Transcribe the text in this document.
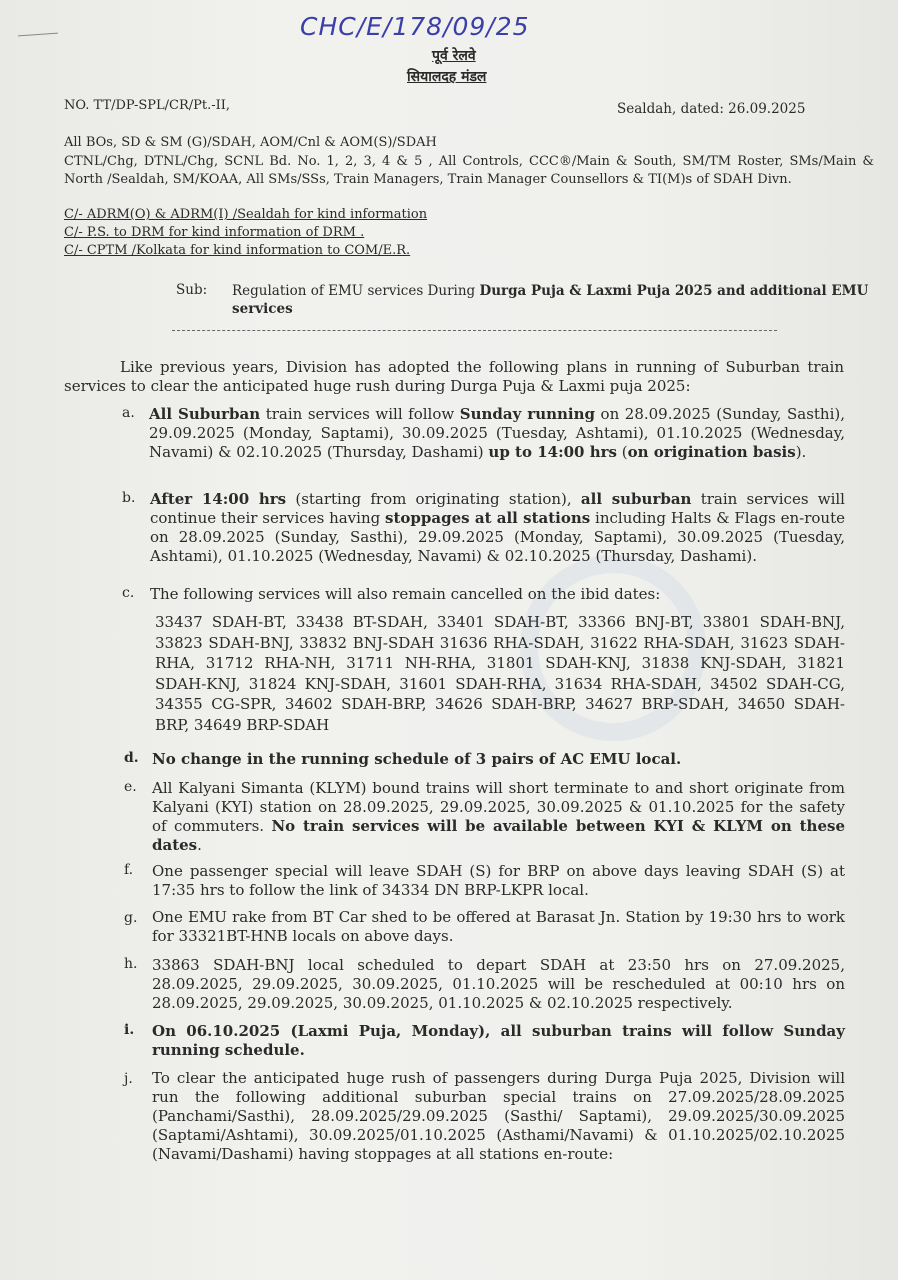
CHC/E/178/09/25
पूर्व रेलवे
सियालदह मंडल
NO. TT/DP-SPL/CR/Pt.-II,	Sealdah, dated: 26.09.2025
All BOs, SD & SM (G)/SDAH, AOM/Cnl & AOM(S)/SDAH
CTNL/Chg, DTNL/Chg, SCNL Bd. No. 1, 2, 3, 4 & 5 , All Controls, CCC®/Main & South, SM/TM Roster, SMs/Main & North /Sealdah, SM/KOAA, All SMs/SSs, Train Managers, Train Manager Counsellors & TI(M)s of SDAH Divn.
C/- ADRM(O) & ADRM(I) /Sealdah for kind information
C/- P.S. to DRM for kind information of DRM .
C/- CPTM /Kolkata for kind information to COM/E.R.
Sub: Regulation of EMU services During Durga Puja & Laxmi Puja 2025 and additional EMU services
Like previous years, Division has adopted the following plans in running of Suburban train services to clear the anticipated huge rush during Durga Puja & Laxmi puja 2025:
a. All Suburban train services will follow Sunday running on 28.09.2025 (Sunday, Sasthi), 29.09.2025 (Monday, Saptami), 30.09.2025 (Tuesday, Ashtami), 01.10.2025 (Wednesday, Navami) & 02.10.2025 (Thursday, Dashami) up to 14:00 hrs (on origination basis).
b. After 14:00 hrs (starting from originating station), all suburban train services will continue their services having stoppages at all stations including Halts & Flags en-route on 28.09.2025 (Sunday, Sasthi), 29.09.2025 (Monday, Saptami), 30.09.2025 (Tuesday, Ashtami), 01.10.2025 (Wednesday, Navami) & 02.10.2025 (Thursday, Dashami).
c. The following services will also remain cancelled on the ibid dates:
33437 SDAH-BT, 33438 BT-SDAH, 33401 SDAH-BT, 33366 BNJ-BT, 33801 SDAH-BNJ, 33823 SDAH-BNJ, 33832 BNJ-SDAH 31636 RHA-SDAH, 31622 RHA-SDAH, 31623 SDAH-RHA, 31712 RHA-NH, 31711 NH-RHA, 31801 SDAH-KNJ, 31838 KNJ-SDAH, 31821 SDAH-KNJ, 31824 KNJ-SDAH, 31601 SDAH-RHA, 31634 RHA-SDAH, 34502 SDAH-CG, 34355 CG-SPR, 34602 SDAH-BRP, 34626 SDAH-BRP, 34627 BRP-SDAH, 34650 SDAH-BRP, 34649 BRP-SDAH
d. No change in the running schedule of 3 pairs of AC EMU local.
e. All Kalyani Simanta (KLYM) bound trains will short terminate to and short originate from Kalyani (KYI) station on 28.09.2025, 29.09.2025, 30.09.2025 & 01.10.2025 for the safety of commuters. No train services will be available between KYI & KLYM on these dates.
f. One passenger special will leave SDAH (S) for BRP on above days leaving SDAH (S) at 17:35 hrs to follow the link of 34334 DN BRP-LKPR local.
g. One EMU rake from BT Car shed to be offered at Barasat Jn. Station by 19:30 hrs to work for 33321BT-HNB locals on above days.
h. 33863 SDAH-BNJ local scheduled to depart SDAH at 23:50 hrs on 27.09.2025, 28.09.2025, 29.09.2025, 30.09.2025, 01.10.2025 will be rescheduled at 00:10 hrs on 28.09.2025, 29.09.2025, 30.09.2025, 01.10.2025 & 02.10.2025 respectively.
i. On 06.10.2025 (Laxmi Puja, Monday), all suburban trains will follow Sunday running schedule.
j. To clear the anticipated huge rush of passengers during Durga Puja 2025, Division will run the following additional suburban special trains on 27.09.2025/28.09.2025 (Panchami/Sasthi), 28.09.2025/29.09.2025 (Sasthi/ Saptami), 29.09.2025/30.09.2025 (Saptami/Ashtami), 30.09.2025/01.10.2025 (Asthami/Navami) & 01.10.2025/02.10.2025 (Navami/Dashami) having stoppages at all stations en-route:
